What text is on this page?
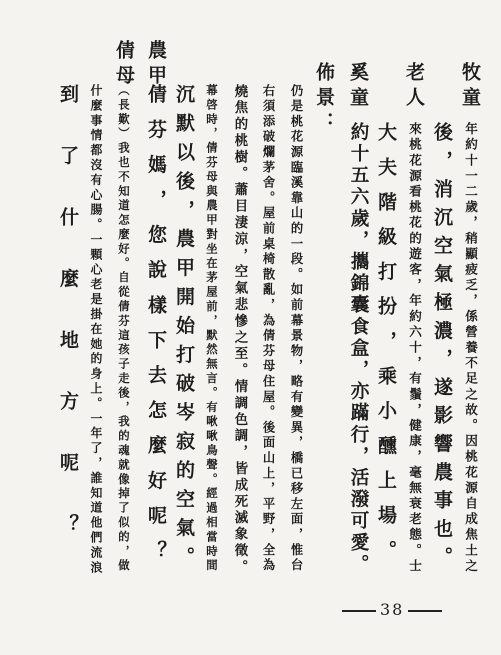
牧童
年約十一二歲，稍顯疲乏，係營養不足之故。因桃花源自成焦土之
後，消沉空氣極濃，遂影響農事也。
老人
來桃花源看桃花的遊客，年約六十，有鬚，健康，毫無衰老態。士
大夫階級打扮，乘小醺上場。
奚童
約十五六歲，攜錦囊食盒，亦蹣行，活潑可愛。
佈景：
仍是桃花源臨溪靠山的一段。如前幕景物，略有變異，橋已移左面，惟台
右須添破爛茅舍。屋前桌椅散亂，為倩芬母住屋。後面山上，平野，全為
燒焦的桃樹。蕭目淒涼，空氣悲慘之至。情調色調，皆成死滅象徵。
幕啓時，倩芬母與農甲對坐在茅屋前，默然無言。有啾啾鳥聲。經過相當時間
沉默以後，農甲開始打破岑寂的空氣。
農甲
倩芬媽，您說樣下去怎麼好呢？
倩母
（長歎）我也不知道怎麼好。自從倩芬這孩子走後，我的魂就像掉了似的，做
什麼事情都沒有心腸。一顆心老是掛在她的身上。一年了，誰知道他們流浪
到了什麼地方呢？
38
